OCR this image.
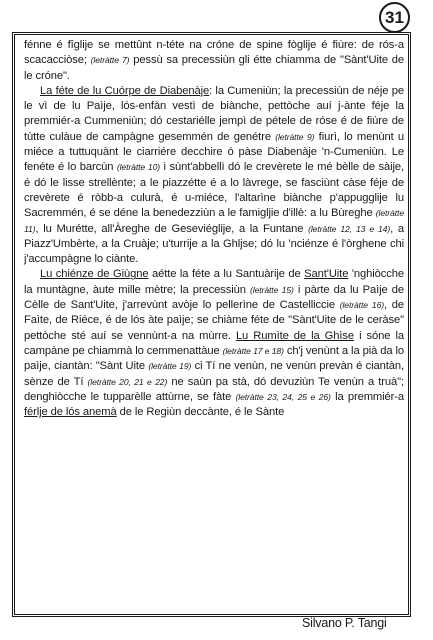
31

fénne é fîglije se mettûnt n-téte na cróne de spine fòglije é fiùre: de rós-a scacacciòse; (letràtte 7) pessù sa precessiùn gli étte chiamma de "Sànt'Uite de le cróne".

La féte de lu Cuórpe de Diabenàje: la Cumeniùn; la precessiùn de néje pe le vì de lu Paìje, lós-enfàn vestì de biànche, pettòche auí j-ànte féje la premmiér-a Cummeniùn; dó cestariélle jempì de pétele de róse é de fiùre de tùtte culàue de campàgne gesemmén de genétre (letràtte 9) fiurì, lo menùnt u miéce a tuttuquànt le ciarriére decchire ó pàse Diabenàje 'n-Cumeniùn. Le fenéte é lo barcùn (letràtte 10) i sùnt'abbellì dó le crevèrete le mé bèlle de sàije, é dó le lisse strellènte; a le piazzétte é a lo làvrege, se fasciùnt càse féje de crevèrete é ròbb-a culurà, é u-miéce, l'altarìne biànche p'appugglije lu Sacremmén, é se déne la benedezziùn a le famigljie d'illè: a lu Bùreghe (letràtte 11), lu Murétte, all'Àreghe de Geseviéglije, a la Funtane (letràtte 12, 13 e 14), a Piazz'Umbèrte, a la Cruàje; u'turrije a la Ghljse; dó lu 'nciénze é l'òrghene chi j'accumpàgne lo ciànte.

Lu chiénze de Giùgne aétte la féte a lu Santuàrije de Sant'Uite 'nghiòcche la muntàgne, àute mille mètre; la precessiùn (letràtte 15) i pàrte da lu Paìje de Cèlle de Sant'Uite, j'arrevùnt avòje lo pellerìne de Castelliccie (letràtte 16), de Faìte, de Riéce, é de lós àte paìje; se chiàme féte de "Sànt'Uite de le ceràse" pettòche sté auí se vennùnt-a na mùrre. Lu Rumìte de la Ghìse i sóne la campàne pe chiammà lo cemmenattàue (letràtte 17 e 18) ch'j venùnt a la pià da lo paìje, ciantàn: "Sànt Uite (letràtte 19) ci Tí ne venùn, ne venùn prevàn é ciantàn, sènze de Tí (letràtte 20, 21 e 22) ne saùn pa stà, dó devuziùn Te venùn a truà"; denghiòcche le tupparèlle attùrne, se fàte (letràtte 23, 24, 25 e 26) la premmiér-a férlje de lós anemà de le Regiùn deccànte, é le Sànte

Silvano P. Tangi
